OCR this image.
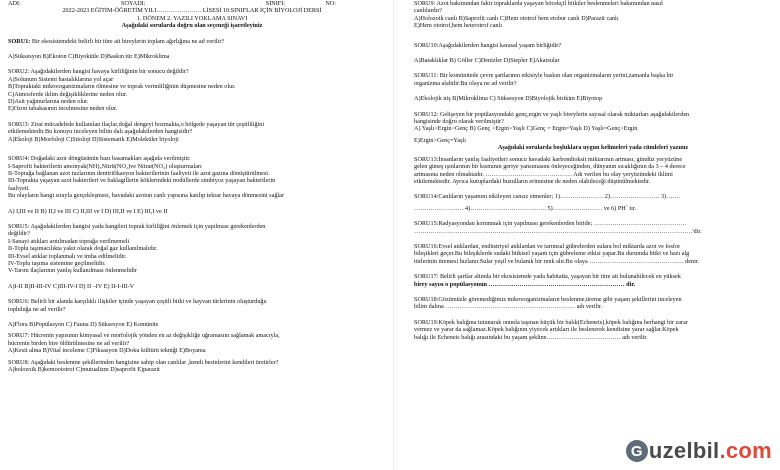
ADI:	SOYADI:	SINIFI:	NO:
2022-2023 EĞİTİM-ÖĞRETİM YILI…………………. LİSESİ 10.SINIFLAR İÇİN BİYOLOJİ DERSİ
1. DÖNEM 2. YAZILI YOKLAMA SINAVI
Aşağıdaki sorularda doğru olan seçeneği işaretleyiniz
SORU1: Bir ekosistemdeki belirli bir türe ait bireylerin toplam ağırlığına ne ad verilir?
A)Süksesyon B)Ekoton C)Biyokütle D)Baskın tür E)Mikroklima
SORU2: Aşağıdakilerden hangisi havaya kirliliğinin bir sonucu değildir?
A)Solunum Sistemi hastalıklarına yol açar
B)Topraktaki mikroorganizmaların ölmesine ve toprak verimliliğinin düşmesine neden olur.
C)Atmosferde iklim değişikliklerine neden olur.
D)Asit yağmurlarına neden olur.
E)Ozon tabakasının incelmesine neden olur.
SORU3: Zirai mücadelede kullanılan ilaçlar,doğal dengeyi bozmakta,o bölgede yaşayan tür çeşitliliğini
etkilemektedir.Bu konuyu inceleyen bilim dalı aşağıdakilerden hangisidir?
A)Ekoloji B)Morfoloji C)Sitoloji D)Sistematik E)Moleküler biyoloji
SORU4: Doğadaki azot döngüsünün bazı basamakları aşağıda verilmiştir.
I-Saprofit bakterilerin amonyak(NH)₃Nitrit(NO₂)ve Nitrat(NO₃) oluşturmaları
II-Toprağa bağlanan azot tuzlarının denitrifikasyon bakterilerinin faaliyeti ile azot gazına dönüştürülmesi.
III-Toprakta yaşayan azot bakterileri ve baklagillerin köklerindeki nodüllerde simbiyoz yaşayan bakterilerin
faaliyeti.
Bu olayların hangi sırayla gerçekleşmesi, havadaki azotun canlı yapısına katılıp tekrar havaya dönmesini sağlar
A) I,III ve II B) II,I ve III C) II,III ve I D) III,II ve I E) III,I ve II
SORU5: Aşağıdakilerden hangisi yada hangileri toprak kirliliğini önlemek için yapılması gerekenlerden
değildir?
I-Sanayi atıkları arıtılmadan toprağa verilmemeli
II-Toplu taşımacılıkta yakıt olarak doğal gaz kullanılmalıdır.
III-Evsel atıklar toplanmalı ve imha edilmelidir.
IV-Toplu taşıma sistemine geçilmelidir.
V-Tarım ilaçlarının yanlış kullanılması önlenmelidir
A)I-II B)II-III-IV C)III-IV-I D) II –IV E) II-I-III-V
SORU6: Belirli bir alanda karşılıklı ilişkiler içinde yaşayan çeşitli bitki ve hayvan türlerinin oluşturduğu
topluluğa ne ad verilir?
A)Flora B)Popülasyon C) Fauna D) Süksesyon E) Komünite
SORU7: Hücrenin yapısının kimyasal ve morfolojik yönden en az değişikliğe uğramasını sağlamak amacıyla,
hücrenin birden bire öldürülmesine ne ad verilir?
A)Kesit alma B)Vital inceleme C)Fiksasyon D)Doku kültürü tekniği E)Boyama
SORU8: Aşağıdaki beslenme şekillerinden hangisine sahip olan canlılar ,kendi besinlerini kendileri üretirler?
A)holozoik B)kemoototrof C)mutualizm D)saprofit E)parazit
SORU9: Azot bakımından fakir topraklarda yaşayan böcekçil bitkiler beslenmeleri bakımından nasıl
canlılardır?
A)Holozoik canlı B)Saprofit canlı C)Hem ototrof hem etobur canlı D)Parazit canlı
E)Hem ototrof,hem heterotrof canlı
SORU10:Aşağıdakilerden hangisi karasal yaşam birliğidir?
A)Bataklıklar B) Göller C)Denizler D)Stepler E)Akarsular
SORU11: Bir komünitede çevre şartlarının etkisiyle baskın olan organizmaların yerini,zamanla başka bir
organizma alabilir.Bu olaya ne ad verilir?
A)Ekolojik niş B)Mikroklima C) Süksesyon D)Biyolojik birikim E)Biyotop
SORU12: Gelişeyen bir popülasyondaki genç,ergin ve yaşlı bireylerin sayısal olarak miktarları aşağıdakilerden
hangisinde doğru olarak verilmiştir?
A) Yaşlı>Ergin>Genç B) Genç >Ergin>Yaşlı C)Genç = Ergin=Yaşlı D) Yaşlı=Genç>Ergin
E)Ergin>Genç=Yaşlı
Aşağıdaki sorularda boşluklara uygun kelimeleri yada cümleleri yazınız
SORU13:İnsanların yanlış faaliyetleri sonucu havadaki karbondioksit miktarının artması, gündüz yeryüzüne
gelen güneş ışınlarının bir kısmının geriye yansımasını önleyeceğinden, dünyanın sıcaklığının da 3 – 4 derece
artmasına neden olmaktadır. …………………………………… Adı verilen bu olay yeryüzündeki iklimi
etkilemektedir. Ayrıca kutuplardaki buzulların erimesine de neden olabileceği düşünülmektedir.
SORU14:Canlıların yaşamını etkileyen cansız etmenler; 1)………………… 2)…………………… 3)…….
…………………… 4)………………………………. 5)…………………… ve 6) PH` tır.
SORU15:Radyasyondan korunmak için yapılması gerekenlerden biride; ………………………………………
………………………………………………………………………………………………………………………'dir.
SORU16:Evsel atıklardan, endüstriyel atıklardan ve tarımsal gübrelerden sulara bol miktarda azot ve fosfor
bileşikleri geçer.Bu bileşiklerde sudaki bitkisel yaşam için gübreleme etkisi yapar.Bu durumda bitki ve bazı alg
türlerinin üremesi hızlanır.Sular yeşil ve bulanık bir renk alır.Bu olaya ………………………………………. denir.
SORU17: Belirli şartlar altında bir ekosistemde yada habitatta, yaşayan bir türe ait bulunabilecek en yüksek
birey sayısı o popülasyonun ………………………………………………………… dir.
SORU18:Gözümüzle göremediğimiz mikroorganizmaların beslenme,üreme gibi yaşam şekillerini inceleyen
bilim dalına ……………………………………………………… adı verilir.
SORU19:Köpek balığına tutunarak onunla taşınan küçük bir balık(Echeneis),köpek balığına herhangi bir zarar
vermez ve yarar da sağlamaz.Köpek balığının yiyecek artıkları ile beslenerek kendisine yarar sağlar.Köpek
balığı ile Echeneis balığı arasındaki bu yaşam şekline……………………………… adı verilir.
G uzelbil .com
